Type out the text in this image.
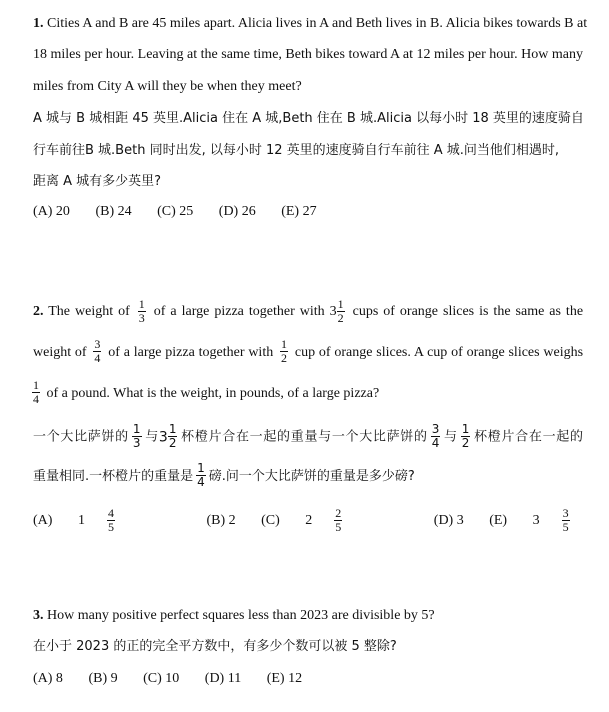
1. Cities A and B are 45 miles apart. Alicia lives in A and Beth lives in B. Alicia bikes towards B at
18 miles per hour. Leaving at the same time, Beth bikes toward A at 12 miles per hour. How many
miles from City A will they be when they meet?
A 城与 B 城相距 45 英里.Alicia 住在 A 城,Beth 住在 B 城.Alicia 以每小时 18 英里的速度骑自
行车前往B 城.Beth 同时出发, 以每小时 12 英里的速度骑自行车前往 A 城.问当他们相遇时,
距离 A 城有多少英里?
(A) 20 (B) 24 (C) 25 (D) 26 (E) 27
2. The weight of $\frac{1}{3}$ of a large pizza together with $3 \frac{1}{2}$ cups of orange slices is the same as the
weight of $\frac{3}{4}$ of a large pizza together with $\frac{1}{2}$ cup of orange slices. A cup of orange slices weighs
$\frac{1}{4}$ of a pound. What is the weight, in pounds, of a large pizza?
一个大比萨饼的 $\frac{1}{3}$ 与$3 \frac{1}{2}$ 杯橙片合在一起的重量与一个大比萨饼的 $\frac{3}{4}$ 与 $\frac{1}{2}$ 杯橙片合在一起的
重量相同.一杯橙片的重量是 $\frac{1}{4}$ 磅.问一个大比萨饼的重量是多少磅?
(A) $1 \frac{4}{5}$	(B) 2 (C) $2 \frac{2}{5}$	(D) 3 (E) $3 \frac{3}{5}$
3. How many positive perfect squares less than 2023 are divisible by 5?
在小于 2023 的正的完全平方数中，有多少个数可以被 5 整除?
(A) 8 (B) 9 (C) 10 (D) 11 (E) 12
